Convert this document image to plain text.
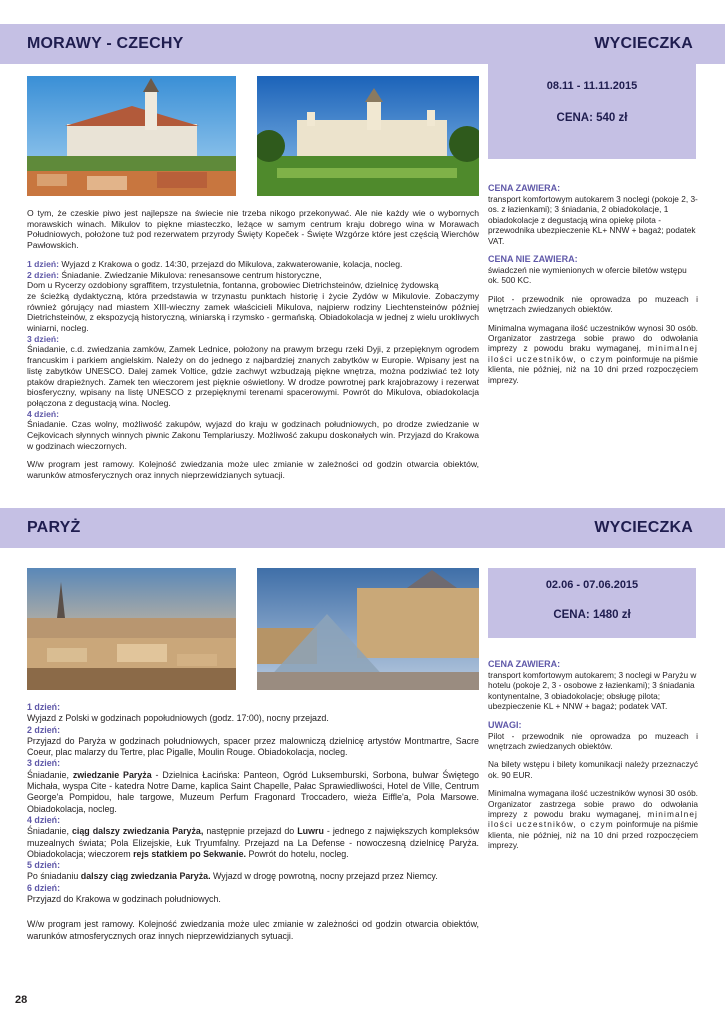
MORAWY - CZECHY	WYCIECZKA
08.11 - 11.11.2015
CENA: 540 zł

O tym, że czeskie piwo jest najlepsze na świecie nie trzeba nikogo przekonywać. Ale nie każdy wie o wybornych morawskich winach. Mikulov to piękne miasteczko, leżące w samym centrum kraju dobrego wina w Morawach Południowych, położone tuż pod rezerwatem przyrody Święty Kopeček - Święte Wzgórze które jest częścią Wierchów Pawłowskich.

1 dzień: Wyjazd z Krakowa o godz. 14:30, przejazd do Mikulova, zakwaterowanie, kolacja, nocleg.

2 dzień: Śniadanie. Zwiedzanie Mikulova: renesansowe centrum historyczne,

Dom u Rycerzy ozdobiony sgraffitem, trzystuletnia, fontanna, grobowiec Dietrichsteinów, dzielnicę żydowską

ze ścieżką dydaktyczną, która przedstawia w trzynastu punktach historię i życie Żydów w Mikulovie. Zobaczymy również górujący nad miastem XIII-wieczny zamek właścicieli Mikulova, najpierw rodziny Liechtensteinów później Dietrichsteinów, z ekspozycją historyczną, winiarską i rzymsko - germańską. Obiadokolacja w jednej z wielu urokliwych winiarni, nocleg.

3 dzień:

Śniadanie, c.d. zwiedzania zamków, Zamek Lednice, położony na prawym brzegu rzeki Dyji, z przepięknym ogrodem francuskim i parkiem angielskim. Należy on do jednego z najbardziej znanych zabytków w Europie. Wpisany jest na listę zabytków UNESCO. Dalej zamek Voltice, gdzie zachwyt wzbudzają piękne wnętrza, można podziwiać też loty ptaków drapieżnych. Zamek ten wieczorem jest pięknie oświetlony. W drodze powrotnej park krajobrazowy i rezerwat biosferyczny, wpisany na listę UNESCO z przepięknymi terenami spacerowymi. Powrót do Mikulova, obiadokolacja połączona z degustacją wina. Nocleg.

4 dzień:

Śniadanie. Czas wolny, możliwość zakupów, wyjazd do kraju w godzinach południowych, po drodze zwiedzanie w Cejkovicach słynnych winnych piwnic Zakonu Templariuszy. Możliwość zakupu doskonałych win. Przyjazd do Krakowa w godzinach wieczornych.

W/w program jest ramowy. Kolejność zwiedzania może ulec zmianie w zależności od godzin otwarcia obiektów, warunków atmosferycznych oraz innych nieprzewidzianych sytuacji.

CENA ZAWIERA:

transport komfortowym autokarem 3 noclegi (pokoje 2, 3-os. z łazienkami); 3 śniadania, 2 obiadokolacje, 1 obiadokolacje z degustacją wina opiekę pilota - przewodnika ubezpieczenie KL+ NNW + bagaż; podatek VAT.

CENA NIE ZAWIERA:

świadczeń nie wymienionych w ofercie biletów wstępu ok. 500 KC.

Pilot - przewodnik nie oprowadza po muzeach i wnętrzach zwiedzanych obiektów.

Minimalna wymagana ilość uczestników wynosi 30 osób. Organizator zastrzega sobie prawo do odwołania imprezy z powodu braku wymaganej, minimalnej ilości uczestników, o czym poinformuje na piśmie klienta, nie później, niż na 10 dni przed rozpoczęciem imprezy.

PARYŻ	WYCIECZKA
02.06 - 07.06.2015
CENA: 1480 zł
1 dzień:

Wyjazd z Polski w godzinach popołudniowych (godz. 17:00), nocny przejazd.

2 dzień:

Przyjazd do Paryża w godzinach południowych, spacer przez malowniczą dzielnicę artystów Montmartre, Sacre Coeur, plac malarzy du Tertre, plac Pigalle, Moulin Rouge. Obiadokolacja, nocleg.

3 dzień:

Śniadanie, zwiedzanie Paryża - Dzielnica Łacińska: Panteon, Ogród Luksemburski, Sorbona, bulwar Świętego Michała, wyspa Cite - katedra Notre Dame, kaplica Saint Chapelle, Pałac Sprawiedliwości, Hotel de Ville, Centrum George'a Pompidou, hale targowe, Muzeum Perfum Fragonard Troccadero, wieża Eiffle'a, Pola Marsowe. Obiadokolacja, nocleg.

4 dzień:

Śniadanie, ciąg dalszy zwiedzania Paryża, następnie przejazd do Luwru - jednego z największych kompleksów muzealnych świata; Pola Elizejskie, Łuk Tryumfalny. Przejazd na La Defense - nowoczesną dzielnicę Paryża. Obiadokolacja; wieczorem rejs statkiem po Sekwanie. Powrót do hotelu, nocleg.

5 dzień:

Po śniadaniu dalszy ciąg zwiedzania Paryża. Wyjazd w drogę powrotną, nocny przejazd przez Niemcy.

6 dzień:

Przyjazd do Krakowa w godzinach południowych.

W/w program jest ramowy. Kolejność zwiedzania może ulec zmianie w zależności od godzin otwarcia obiektów, warunków atmosferycznych oraz innych nieprzewidzianych sytuacji.

CENA ZAWIERA:

transport komfortowym autokarem; 3 noclegi w Paryżu w hotelu (pokoje 2, 3 - osobowe z łazienkami); 3 śniadania kontynentalne, 3 obiadokolacje; obsługę pilota; ubezpieczenie KL + NNW + bagaż; podatek VAT.

UWAGI:

Pilot - przewodnik nie oprowadza po muzeach i wnętrzach zwiedzanych obiektów.

Na bilety wstępu i bilety komunikacji należy przeznaczyć ok. 90 EUR.

Minimalna wymagana ilość uczestników wynosi 30 osób. Organizator zastrzega sobie prawo do odwołania imprezy z powodu braku wymaganej, minimalnej ilości uczestników, o czym poinformuje na piśmie klienta, nie później, niż na 10 dni przed rozpoczęciem imprezy.

28
